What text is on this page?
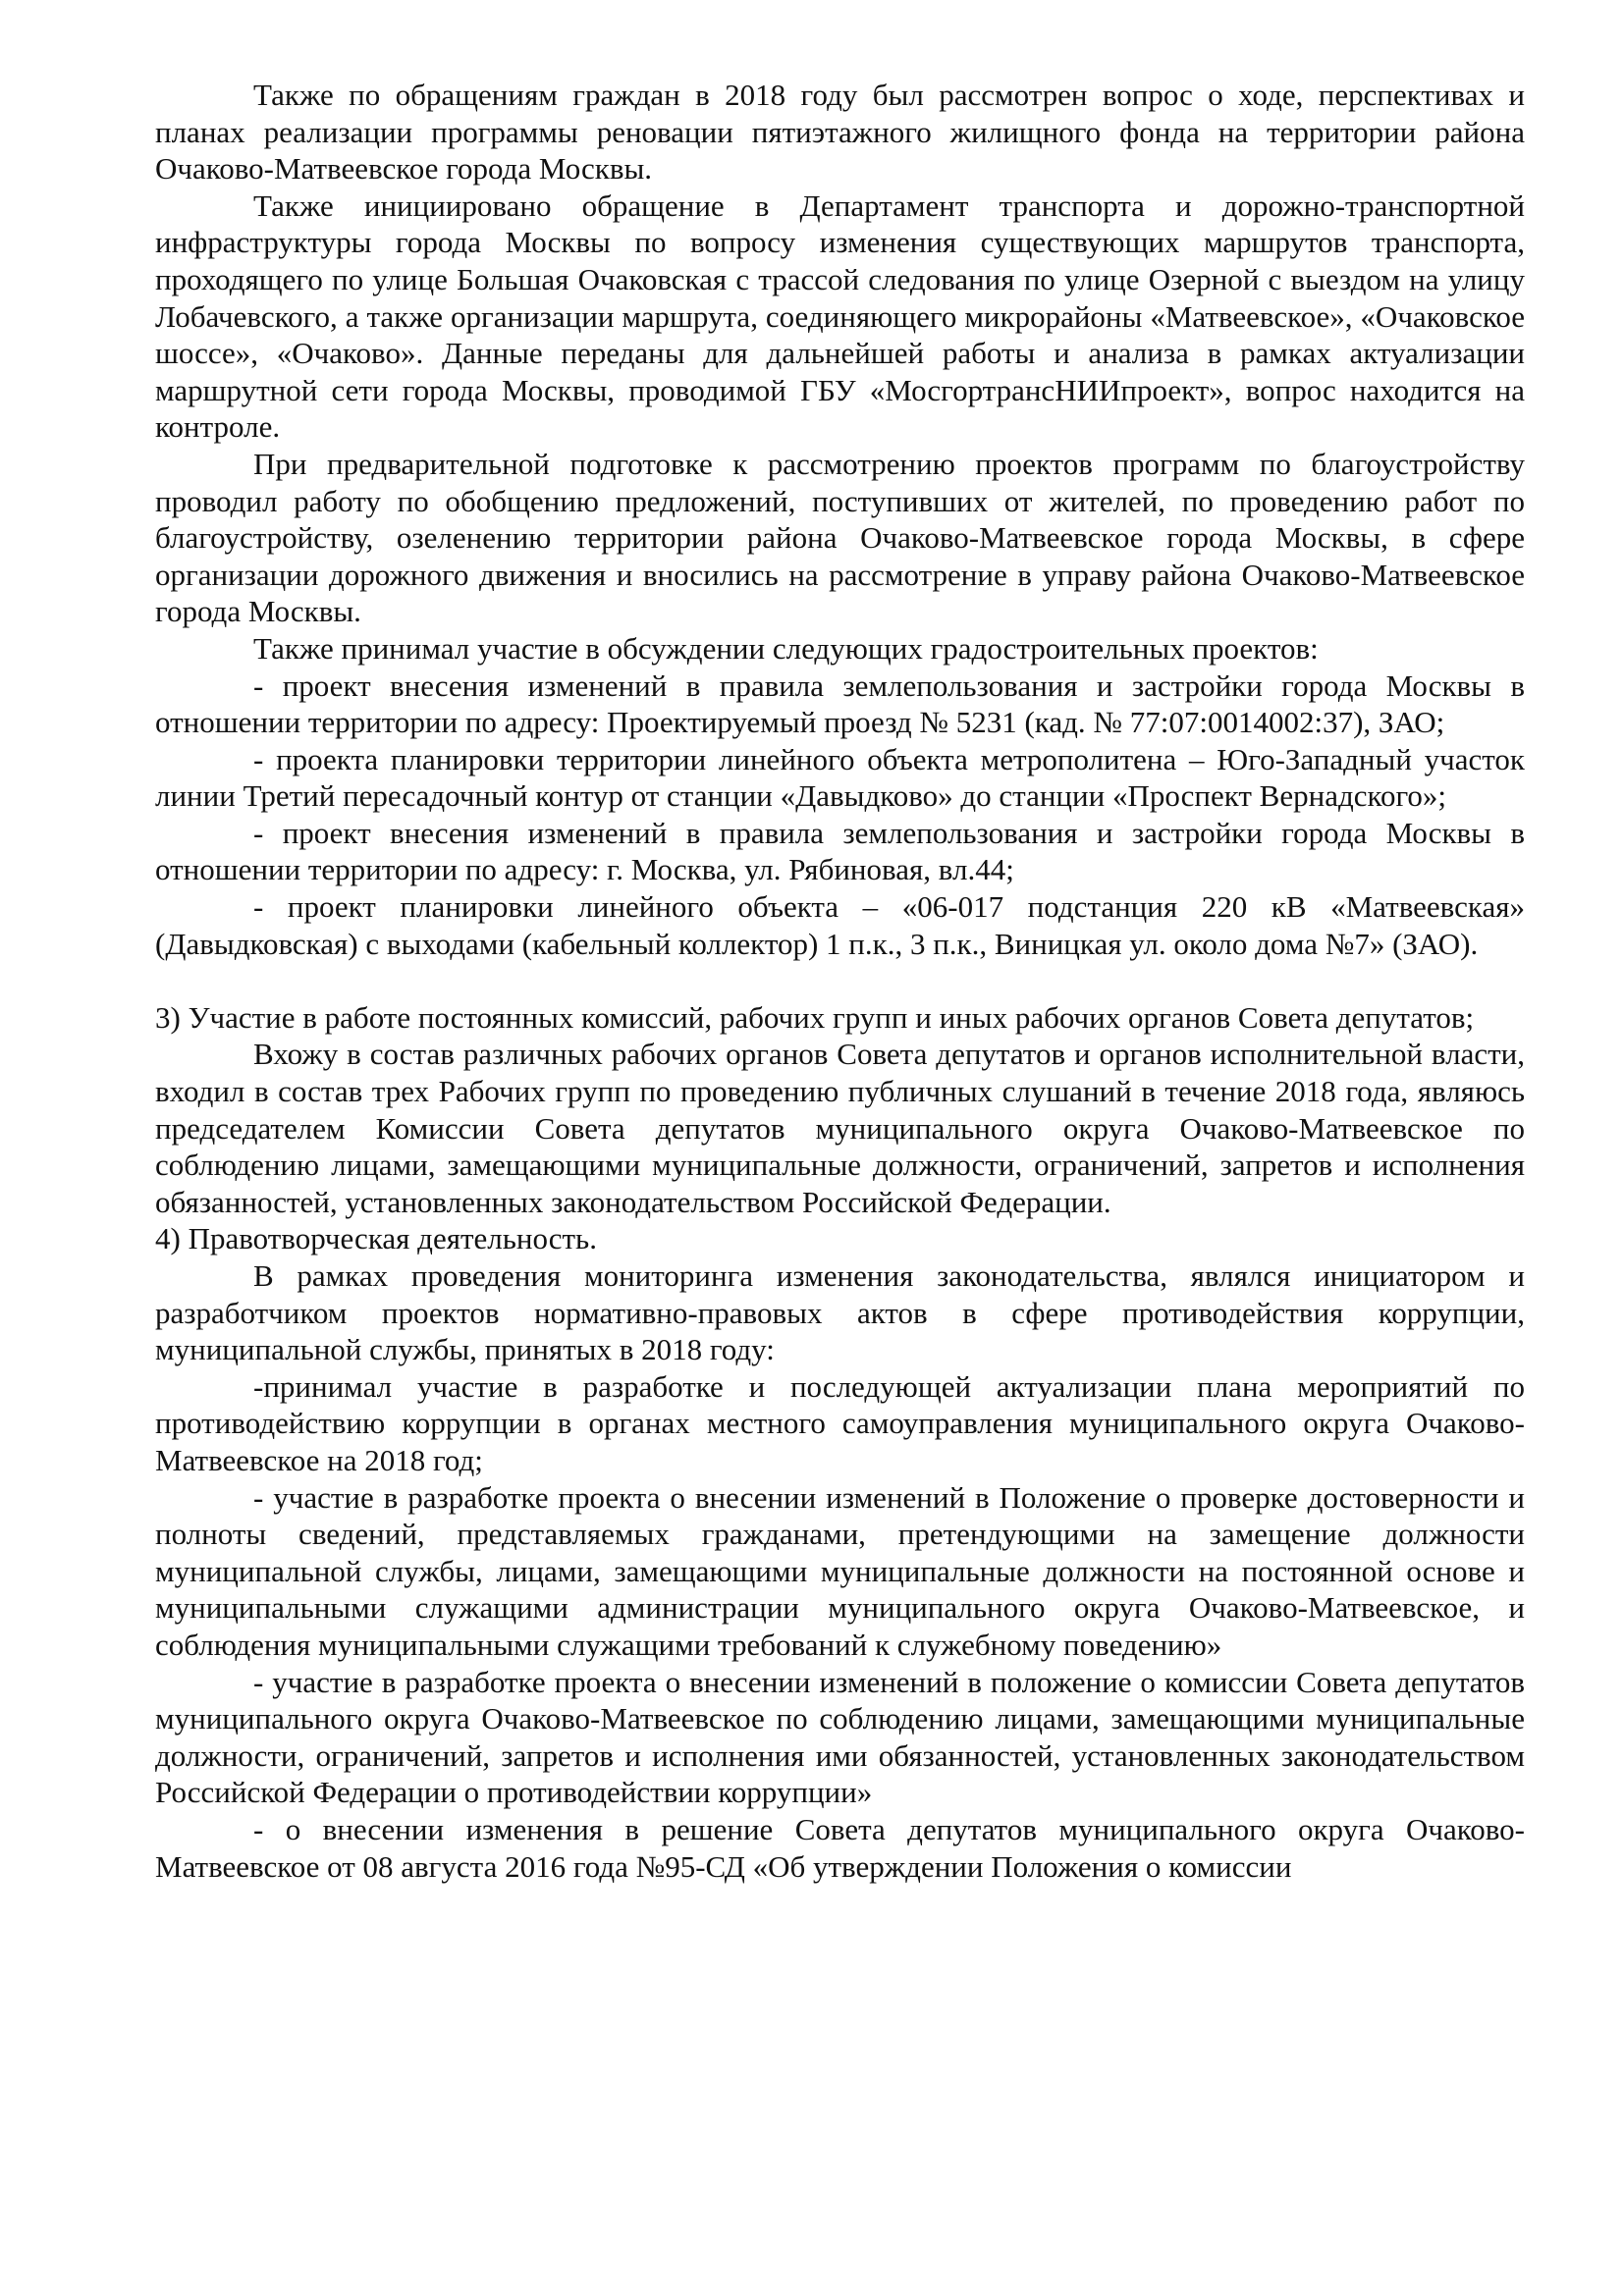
Также по обращениям граждан в 2018 году был рассмотрен вопрос о ходе, перспективах и планах реализации программы реновации пятиэтажного жилищного фонда на территории района Очаково-Матвеевское города Москвы.

Также инициировано обращение в Департамент транспорта и дорожно-транспортной инфраструктуры города Москвы по вопросу изменения существующих маршрутов транспорта, проходящего по улице Большая Очаковская с трассой следования по улице Озерной с выездом на улицу Лобачевского, а также организации маршрута, соединяющего микрорайоны «Матвеевское», «Очаковское шоссе», «Очаково». Данные переданы для дальнейшей работы и анализа в рамках актуализации маршрутной сети города Москвы, проводимой ГБУ «МосгортрансНИИпроект», вопрос находится на контроле.

При предварительной подготовке к рассмотрению проектов программ по благоустройству проводил работу по обобщению предложений, поступивших от жителей, по проведению работ по благоустройству, озеленению территории района Очаково-Матвеевское города Москвы, в сфере организации дорожного движения и вносились на рассмотрение в управу района Очаково-Матвеевское города Москвы.

Также принимал участие в обсуждении следующих градостроительных проектов:

- проект внесения изменений в правила землепользования и застройки города Москвы в отношении территории по адресу: Проектируемый проезд № 5231 (кад. № 77:07:0014002:37), ЗАО;

- проекта планировки территории линейного объекта метрополитена – Юго-Западный участок линии Третий пересадочный контур от станции «Давыдково» до станции «Проспект Вернадского»;

- проект внесения изменений в правила землепользования и застройки города Москвы в отношении территории по адресу: г. Москва, ул. Рябиновая, вл.44;

- проект планировки линейного объекта – «06-017 подстанция 220 кВ «Матвеевская» (Давыдковская) с выходами (кабельный коллектор) 1 п.к., 3 п.к., Виницкая ул. около дома №7» (ЗАО).

3) Участие в работе постоянных комиссий, рабочих групп и иных рабочих органов Совета депутатов;

Вхожу в состав различных рабочих органов Совета депутатов и органов исполнительной власти, входил в состав трех Рабочих групп по проведению публичных слушаний в течение 2018 года, являюсь председателем Комиссии Совета депутатов муниципального округа Очаково-Матвеевское по соблюдению лицами, замещающими муниципальные должности, ограничений, запретов и исполнения обязанностей, установленных законодательством Российской Федерации.

4) Правотворческая деятельность.

В рамках проведения мониторинга изменения законодательства, являлся инициатором и разработчиком проектов нормативно-правовых актов в сфере противодействия коррупции, муниципальной службы, принятых в 2018 году:

-принимал участие в разработке и последующей актуализации плана мероприятий по противодействию коррупции в органах местного самоуправления муниципального округа Очаково-Матвеевское на 2018 год;

- участие в разработке проекта о внесении изменений в Положение о проверке достоверности и полноты сведений, представляемых гражданами, претендующими на замещение должности муниципальной службы, лицами, замещающими муниципальные должности на постоянной основе и муниципальными служащими администрации муниципального округа Очаково-Матвеевское, и соблюдения муниципальными служащими требований к служебному поведению»

- участие в разработке проекта о внесении изменений в положение о комиссии Совета депутатов муниципального округа Очаково-Матвеевское по соблюдению лицами, замещающими муниципальные должности, ограничений, запретов и исполнения ими обязанностей, установленных законодательством Российской Федерации о противодействии коррупции»

- о внесении изменения в решение Совета депутатов муниципального округа Очаково-Матвеевское от 08 августа 2016 года №95-СД «Об утверждении Положения о комиссии
